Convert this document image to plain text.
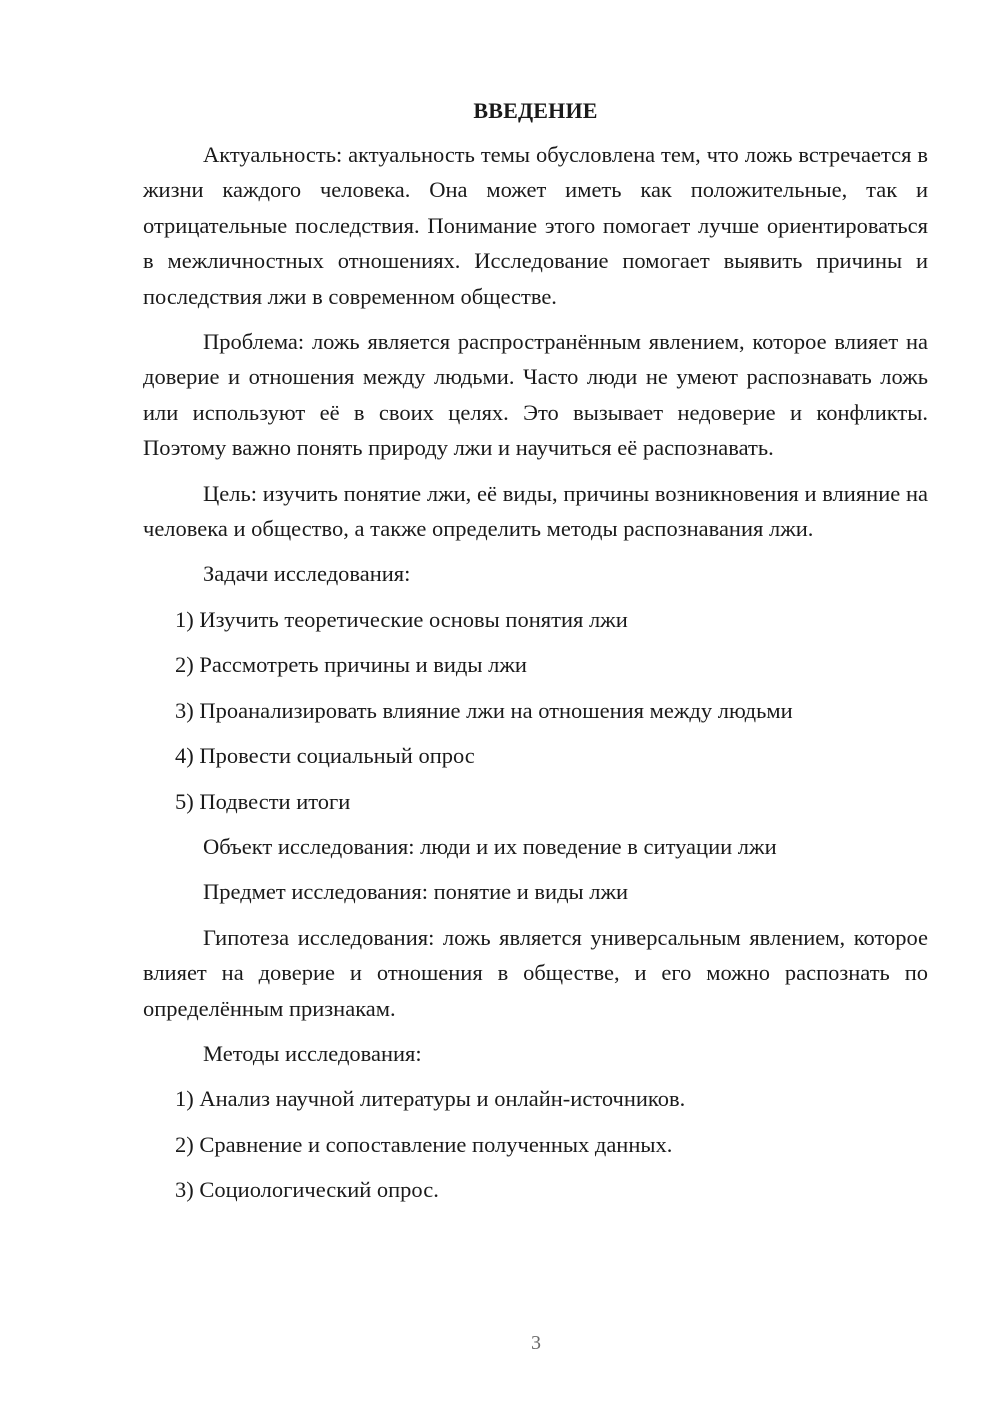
ВВЕДЕНИЕ

Актуальность: актуальность темы обусловлена тем, что ложь встречается в жизни каждого человека. Она может иметь как положительные, так и отрицательные последствия. Понимание этого помогает лучше ориентироваться в межличностных отношениях. Исследование помогает выявить причины и последствия лжи в современном обществе.

Проблема: ложь является распространённым явлением, которое влияет на доверие и отношения между людьми. Часто люди не умеют распознавать ложь или используют её в своих целях. Это вызывает недоверие и конфликты. Поэтому важно понять природу лжи и научиться её распознавать.

Цель: изучить понятие лжи, её виды, причины возникновения и влияние на человека и общество, а также определить методы распознавания лжи.

Задачи исследования:

1) Изучить теоретические основы понятия лжи

2) Рассмотреть причины и виды лжи

3) Проанализировать влияние лжи на отношения между людьми

4) Провести социальный опрос

5) Подвести итоги

Объект исследования: люди и их поведение в ситуации лжи

Предмет исследования: понятие и виды лжи

Гипотеза исследования: ложь является универсальным явлением, которое влияет на доверие и отношения в обществе, и его можно распознать по определённым признакам.

Методы исследования:

1) Анализ научной литературы и онлайн-источников.

2) Сравнение и сопоставление полученных данных.

3) Социологический опрос.

3
